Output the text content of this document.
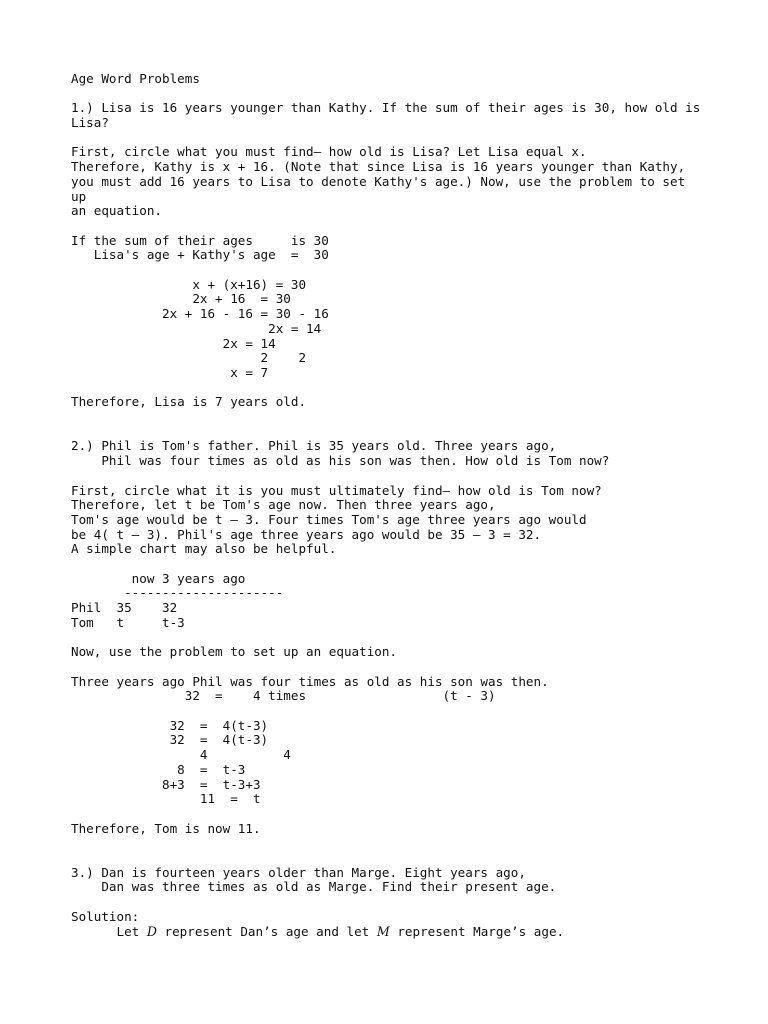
Age Word Problems
1.) Lisa is 16 years younger than Kathy. If the sum of their ages is 30, how old is
Lisa?
First, circle what you must find— how old is Lisa? Let Lisa equal x.
Therefore, Kathy is x + 16. (Note that since Lisa is 16 years younger than Kathy,
you must add 16 years to Lisa to denote Kathy's age.) Now, use the problem to set
up
an equation.
If the sum of their ages     is 30
Lisa's age + Kathy's age  =  30
x + (x+16) = 30
2x + 16  = 30
2x + 16 - 16 = 30 - 16
2x = 14
2x = 14
2    2
x = 7
Therefore, Lisa is 7 years old.
2.) Phil is Tom's father. Phil is 35 years old. Three years ago,
Phil was four times as old as his son was then. How old is Tom now?
First, circle what it is you must ultimately find— how old is Tom now?
Therefore, let t be Tom's age now. Then three years ago,
Tom's age would be t – 3. Four times Tom's age three years ago would
be 4( t – 3). Phil's age three years ago would be 35 – 3 = 32.
A simple chart may also be helpful.
now 3 years ago
---------------------
Phil  35    32
Tom   t     t-3
Now, use the problem to set up an equation.
Three years ago Phil was four times as old as his son was then.
32  =    4 times                  (t - 3)
32  =  4(t-3)
32  =  4(t-3)
4          4
8  =  t-3
8+3  =  t-3+3
11  =  t
Therefore, Tom is now 11.
3.) Dan is fourteen years older than Marge. Eight years ago,
Dan was three times as old as Marge. Find their present age.
Solution:
Let D represent Dan’s age and let M represent Marge’s age.
